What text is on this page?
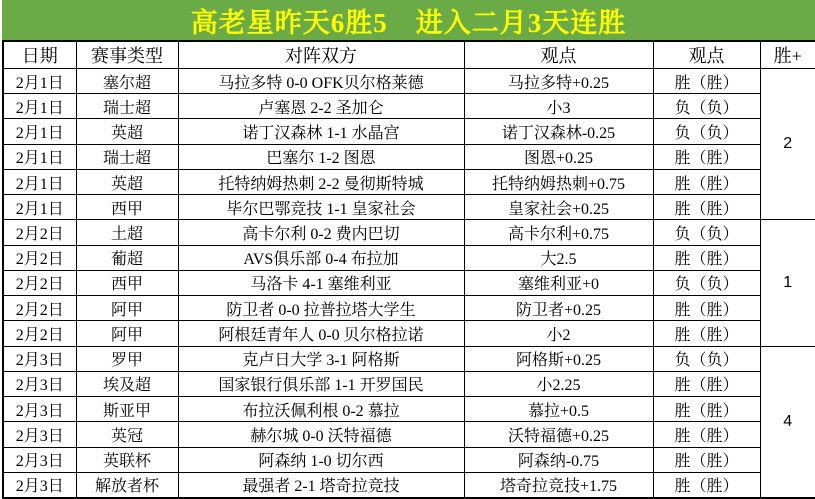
高老星昨天6胜5　进入二月3天连胜
日期	赛事类型	对阵双方	观点	观点	胜+
2月1日	塞尔超	马拉多特 0-0 OFK贝尔格莱德	马拉多特+0.25	胜（胜）	2
2月1日	瑞士超	卢塞恩 2-2 圣加仑	小3	负（负）	
2月1日	英超	诺丁汉森林 1-1 水晶宫	诺丁汉森林-0.25	负（负）	
2月1日	瑞士超	巴塞尔 1-2 图恩	图恩+0.25	胜（胜）	
2月1日	英超	托特纳姆热刺 2-2 曼彻斯特城	托特纳姆热刺+0.75	胜（胜）	
2月1日	西甲	毕尔巴鄂竞技 1-1 皇家社会	皇家社会+0.25	胜（胜）	
2月2日	土超	高卡尔利 0-2 费内巴切	高卡尔利+0.75	负（负）	1
2月2日	葡超	AVS俱乐部 0-4 布拉加	大2.5	胜（胜）	
2月2日	西甲	马洛卡 4-1 塞维利亚	塞维利亚+0	负（负）	
2月2日	阿甲	防卫者 0-0 拉普拉塔大学生	防卫者+0.25	胜（胜）	
2月2日	阿甲	阿根廷青年人 0-0 贝尔格拉诺	小2	胜（胜）	
2月3日	罗甲	克卢日大学 3-1 阿格斯	阿格斯+0.25	负（负）	4
2月3日	埃及超	国家银行俱乐部 1-1 开罗国民	小2.25	胜（胜）	
2月3日	斯亚甲	布拉沃佩利根 0-2 慕拉	慕拉+0.5	胜（胜）	
2月3日	英冠	赫尔城 0-0 沃特福德	沃特福德+0.25	胜（胜）	
2月3日	英联杯	阿森纳 1-0 切尔西	阿森纳-0.75	胜（胜）	
2月3日	解放者杯	最强者 2-1 塔奇拉竞技	塔奇拉竞技+1.75	胜（胜）	
